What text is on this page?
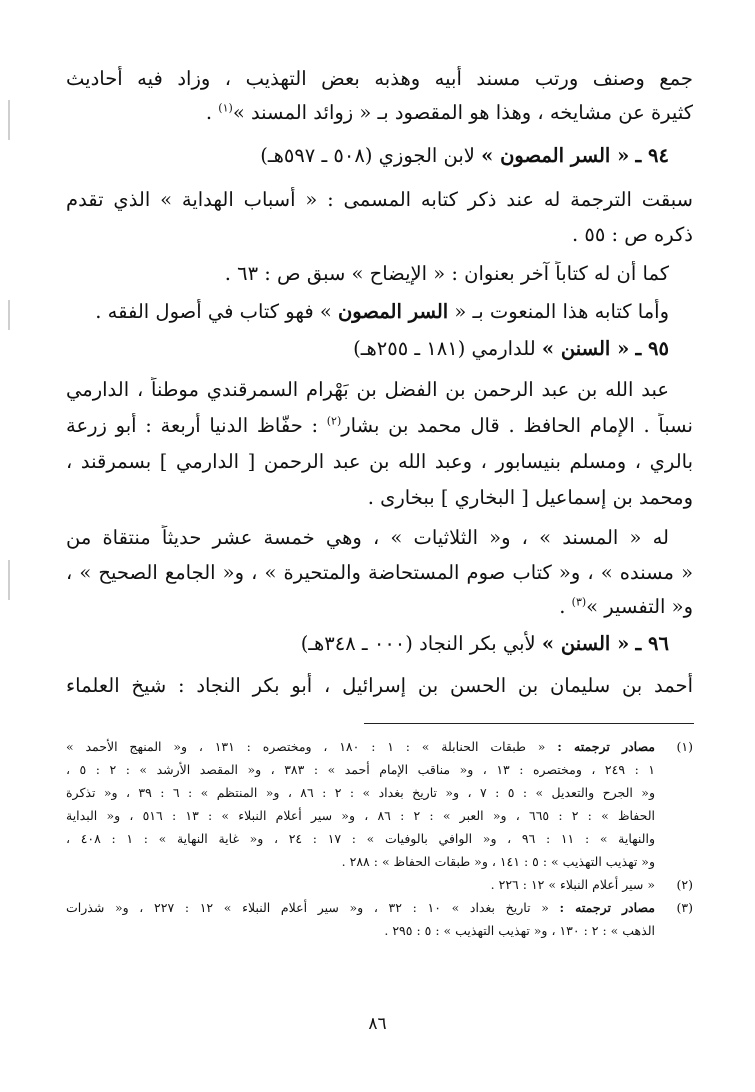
جمع وصنف ورتب مسند أبيه وهذبه بعض التهذيب ، وزاد فيه أحاديث
كثيرة عن مشايخه ، وهذا هو المقصود بـ « زوائد المسند »$^{(١)}$ .
٩٤ ـ « السر المصون » لابن الجوزي (٥٠٨ ـ ٥٩٧هـ)
سبقت الترجمة له عند ذكر كتابه المسمى : « أسباب الهداية » الذي تقدم
ذكره ص : ٥٥ .
كما أن له كتاباً آخر بعنوان : « الإيضاح » سبق ص : ٦٣ .
وأما كتابه هذا المنعوت بـ « السر المصون » فهو كتاب في أصول الفقه .
٩٥ ـ « السنن » للدارمي (١٨١ ـ ٢٥٥هـ)
عبد الله بن عبد الرحمن بن الفضل بن بَهْرام السمرقندي موطناً ، الدارمي
نسباً . الإمام الحافظ . قال محمد بن بشار$^{(٢)}$ : حفّاظ الدنيا أربعة : أبو زرعة
بالري ، ومسلم بنيسابور ، وعبد الله بن عبد الرحمن [ الدارمي ] بسمرقند ،
ومحمد بن إسماعيل [ البخاري ] ببخارى .
له « المسند » ، و« الثلاثيات » ، وهي خمسة عشر حديثاً منتقاة من
« مسنده » ، و« كتاب صوم المستحاضة والمتحيرة » ، و« الجامع الصحيح » ،
و« التفسير »$^{(٣)}$ .
٩٦ ـ « السنن » لأبي بكر النجاد (٠٠٠ ـ ٣٤٨هـ)
أحمد بن سليمان بن الحسن بن إسرائيل ، أبو بكر النجاد : شيخ العلماء
(١)
مصادر ترجمته : « طبقات الحنابلة » : ١ : ١٨٠ ، ومختصره : ١٣١ ، و« المنهج الأحمد »
١ : ٢٤٩ ، ومختصره : ١٣ ، و« مناقب الإمام أحمد » : ٣٨٣ ، و« المقصد الأرشد » : ٢ : ٥ ،
و« الجرح والتعديل » : ٥ : ٧ ، و« تاريخ بغداد » : ٢ : ٨٦ ، و« المنتظم » : ٦ : ٣٩ ، و« تذكرة
الحفاظ » : ٢ : ٦٦٥ ، و« العبر » : ٢ : ٨٦ ، و« سير أعلام النبلاء » : ١٣ : ٥١٦ ، و« البداية
والنهاية » : ١١ : ٩٦ ، و« الوافي بالوفيات » : ١٧ : ٢٤ ، و« غاية النهاية » : ١ : ٤٠٨ ،
و« تهذيب التهذيب » : ٥ : ١٤١ ، و« طبقات الحفاظ » : ٢٨٨ .
(٢)
« سير أعلام النبلاء » ١٢ : ٢٢٦ .
(٣)
مصادر ترجمته : « تاريخ بغداد » ١٠ : ٣٢ ، و« سير أعلام النبلاء » ١٢ : ٢٢٧ ، و« شذرات
الذهب » : ٢ : ١٣٠ ، و« تهذيب التهذيب » : ٥ : ٢٩٥ .
٨٦
